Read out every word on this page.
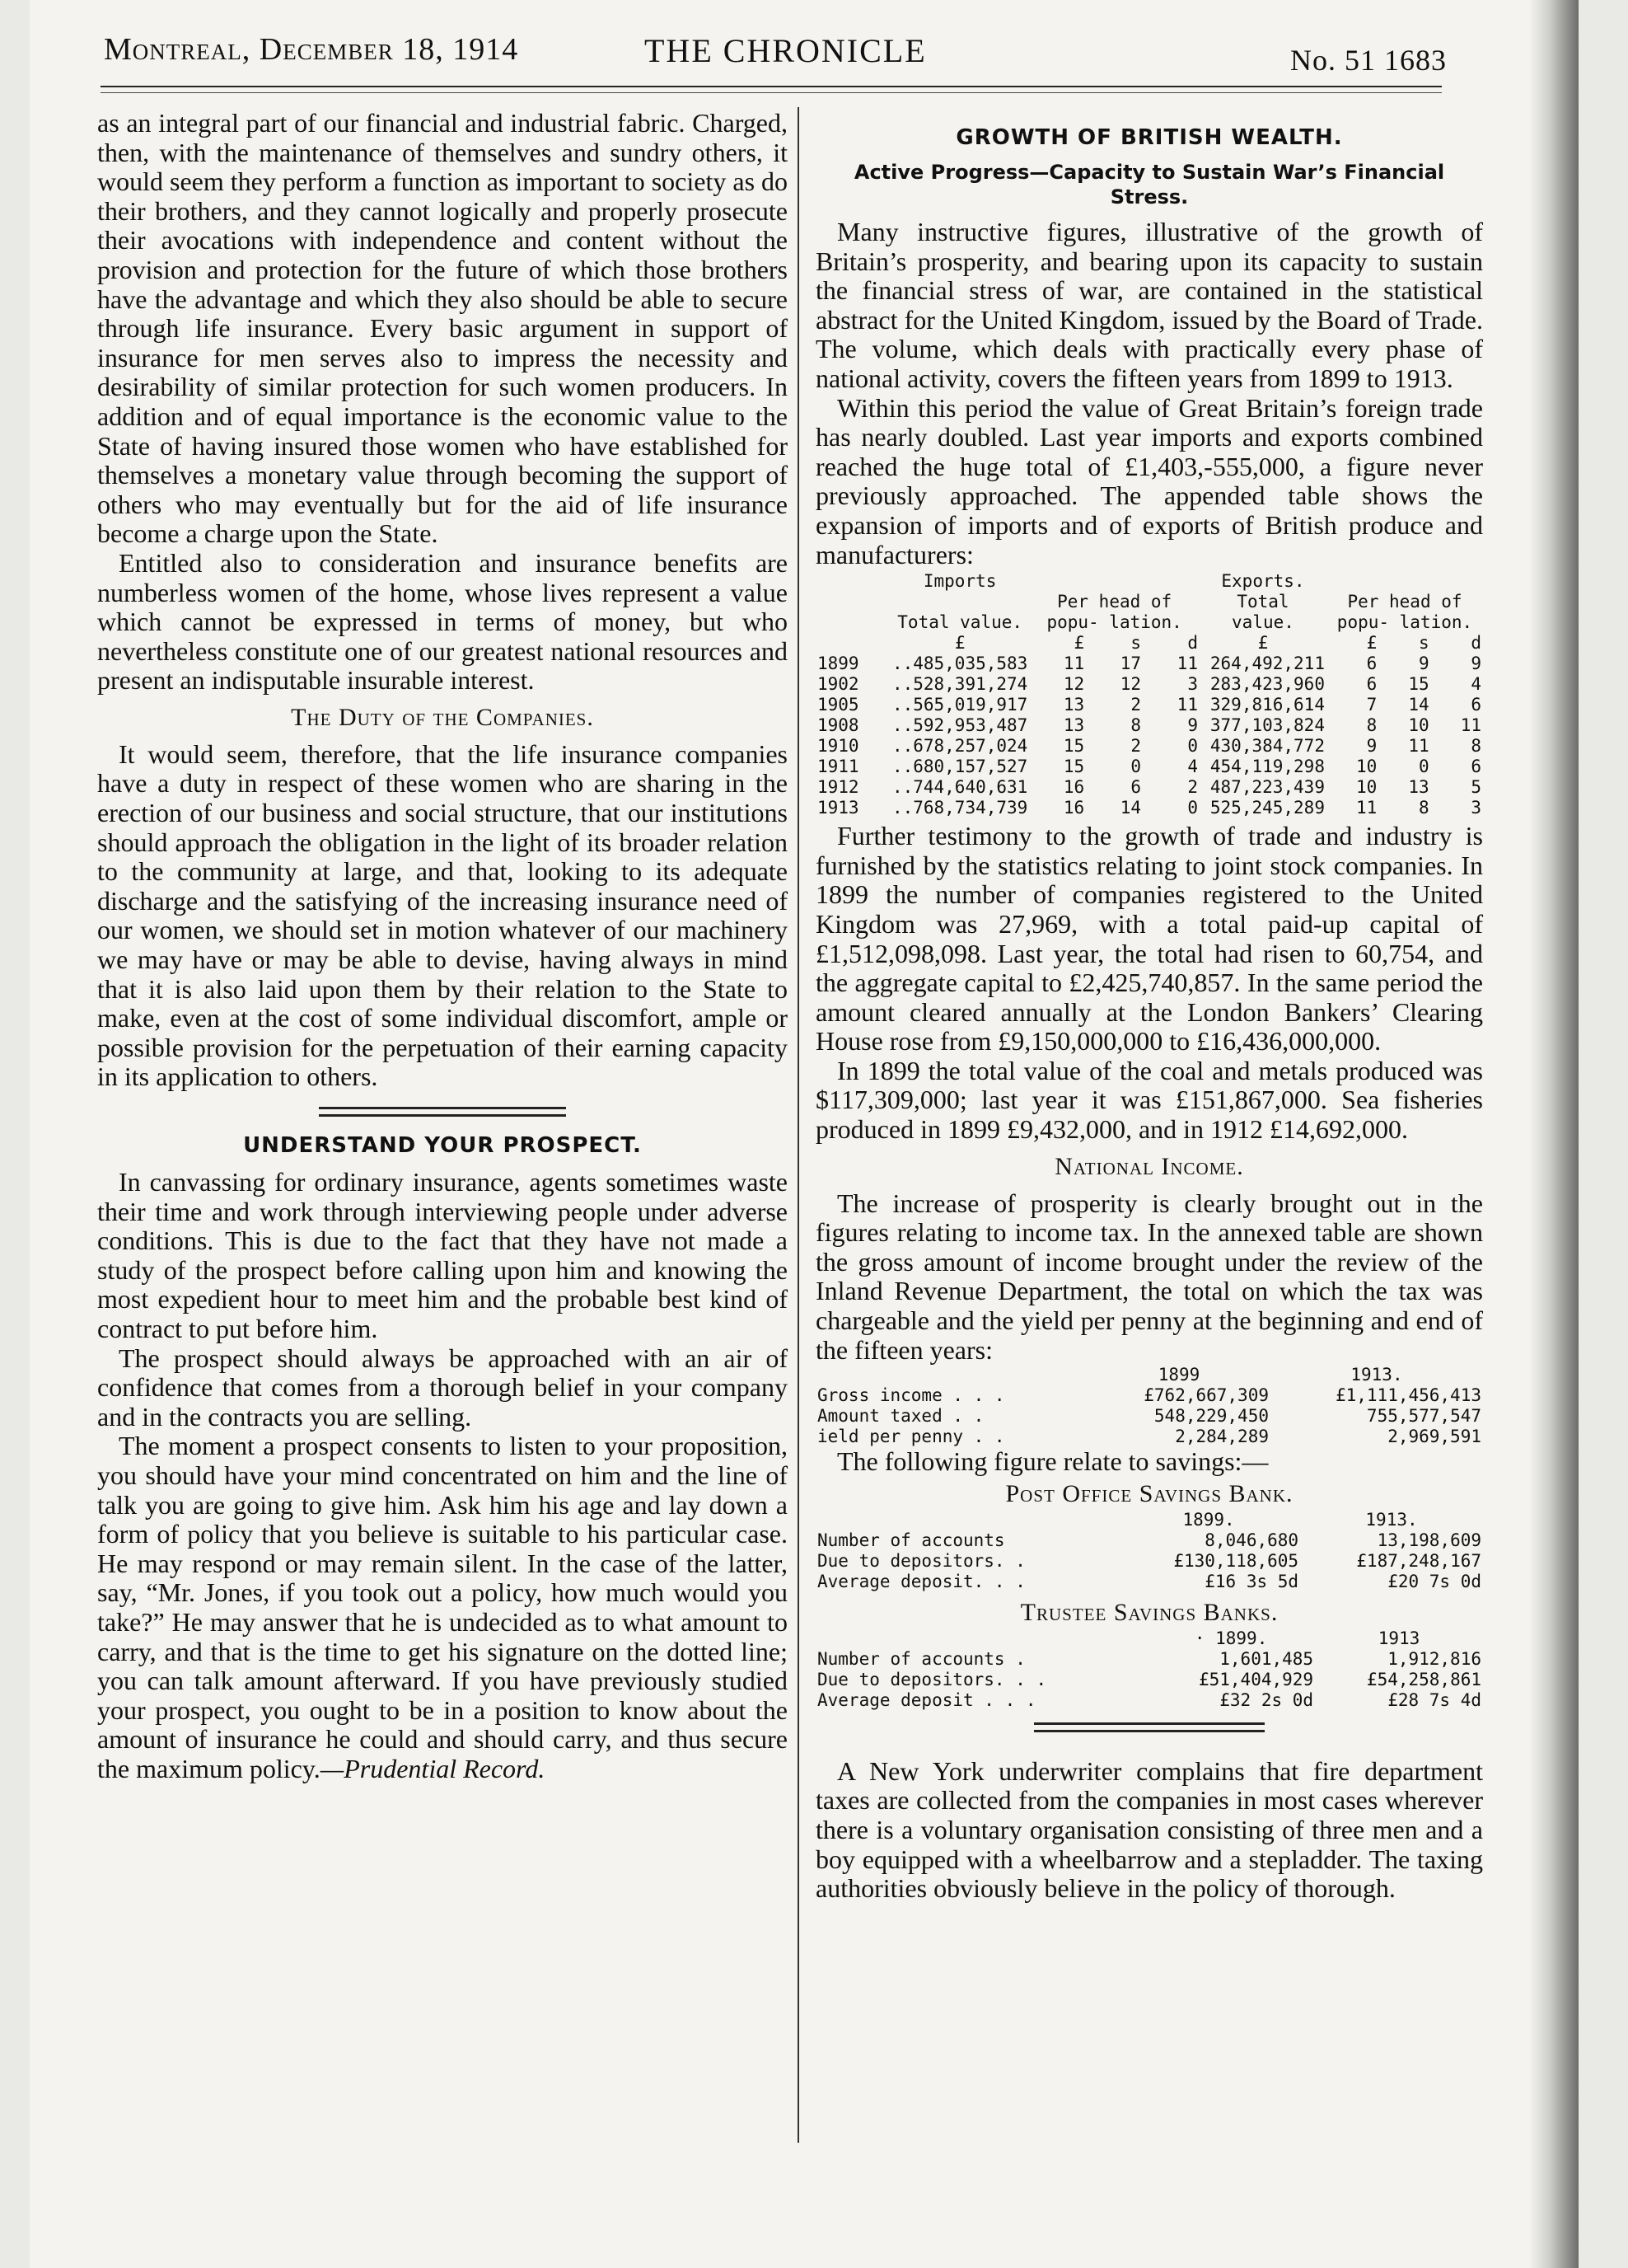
Montreal, December 18, 1914	THE CHRONICLE	No. 51 1683

as an integral part of our financial and industrial fabric. Charged, then, with the maintenance of themselves and sundry others, it would seem they perform a function as important to society as do their brothers, and they cannot logically and properly prosecute their avocations with independence and content without the provision and protection for the future of which those brothers have the advantage and which they also should be able to secure through life insurance. Every basic argument in support of insurance for men serves also to impress the necessity and desirability of similar protection for such women producers. In addition and of equal importance is the economic value to the State of having insured those women who have established for themselves a monetary value through becoming the support of others who may eventually but for the aid of life insurance become a charge upon the State.

Entitled also to consideration and insurance benefits are numberless women of the home, whose lives represent a value which cannot be expressed in terms of money, but who nevertheless constitute one of our greatest national resources and present an indisputable insurable interest.

The Duty of the Companies.

It would seem, therefore, that the life insurance companies have a duty in respect of these women who are sharing in the erection of our business and social structure, that our institutions should approach the obligation in the light of its broader relation to the community at large, and that, looking to its adequate discharge and the satisfying of the increasing insurance need of our women, we should set in motion whatever of our machinery we may have or may be able to devise, having always in mind that it is also laid upon them by their relation to the State to make, even at the cost of some individual discomfort, ample or possible provision for the perpetuation of their earning capacity in its application to others.

UNDERSTAND YOUR PROSPECT.

In canvassing for ordinary insurance, agents sometimes waste their time and work through interviewing people under adverse conditions. This is due to the fact that they have not made a study of the prospect before calling upon him and knowing the most expedient hour to meet him and the probable best kind of contract to put before him.

The prospect should always be approached with an air of confidence that comes from a thorough belief in your company and in the contracts you are selling.

The moment a prospect consents to listen to your proposition, you should have your mind concentrated on him and the line of talk you are going to give him. Ask him his age and lay down a form of policy that you believe is suitable to his particular case. He may respond or may remain silent. In the case of the latter, say, “Mr. Jones, if you took out a policy, how much would you take?” He may answer that he is undecided as to what amount to carry, and that is the time to get his signature on the dotted line; you can talk amount afterward. If you have previously studied your prospect, you ought to be in a position to know about the amount of insurance he could and should carry, and thus secure the maximum policy.—Prudential Record.

GROWTH OF BRITISH WEALTH.
Active Progress—Capacity to Sustain War’s Financial Stress.

Many instructive figures, illustrative of the growth of Britain’s prosperity, and bearing upon its capacity to sustain the financial stress of war, are contained in the statistical abstract for the United Kingdom, issued by the Board of Trade. The volume, which deals with practically every phase of national activity, covers the fifteen years from 1899 to 1913.

Within this period the value of Great Britain’s foreign trade has nearly doubled. Last year imports and exports combined reached the huge total of £1,403,-555,000, a figure never previously approached. The appended table shows the expansion of imports and of exports of British produce and manufacturers:

	Imports				Exports.			
	Total value.	Per head of popu- lation.			Total value.	Per head of popu- lation.		
	£	£	s	d	£	£	s	d
1899	..485,035,583	11	17	11	264,492,211	6	9	9
1902	..528,391,274	12	12	3	283,423,960	6	15	4
1905	..565,019,917	13	2	11	329,816,614	7	14	6
1908	..592,953,487	13	8	9	377,103,824	8	10	11
1910	..678,257,024	15	2	0	430,384,772	9	11	8
1911	..680,157,527	15	0	4	454,119,298	10	0	6
1912	..744,640,631	16	6	2	487,223,439	10	13	5
1913	..768,734,739	16	14	0	525,245,289	11	8	3

Further testimony to the growth of trade and industry is furnished by the statistics relating to joint stock companies. In 1899 the number of companies registered to the United Kingdom was 27,969, with a total paid-up capital of £1,512,098,098. Last year, the total had risen to 60,754, and the aggregate capital to £2,425,740,857. In the same period the amount cleared annually at the London Bankers’ Clearing House rose from £9,150,000,000 to £16,436,000,000.

In 1899 the total value of the coal and metals produced was $117,309,000; last year it was £151,867,000. Sea fisheries produced in 1899 £9,432,000, and in 1912 £14,692,000.

National Income.

The increase of prosperity is clearly brought out in the figures relating to income tax. In the annexed table are shown the gross amount of income brought under the review of the Inland Revenue Department, the total on which the tax was chargeable and the yield per penny at the beginning and end of the fifteen years:

	1899	1913.
Gross income . . .	£762,667,309	£1,111,456,413
Amount taxed . .	548,229,450	755,577,547
ield per penny . .	2,284,289	2,969,591

The following figure relate to savings:—

Post Office Savings Bank.
	1899.	1913.
Number of accounts	8,046,680	13,198,609
Due to depositors. .	£130,118,605	£187,248,167
Average deposit. . .	£16 3s 5d	£20 7s 0d
Trustee Savings Banks.
	· 1899.	1913
Number of accounts .	1,601,485	1,912,816
Due to depositors. . .	£51,404,929	£54,258,861
Average deposit . . .	£32 2s 0d	£28 7s 4d

A New York underwriter complains that fire department taxes are collected from the companies in most cases wherever there is a voluntary organisation consisting of three men and a boy equipped with a wheelbarrow and a stepladder. The taxing authorities obviously believe in the policy of thorough.
